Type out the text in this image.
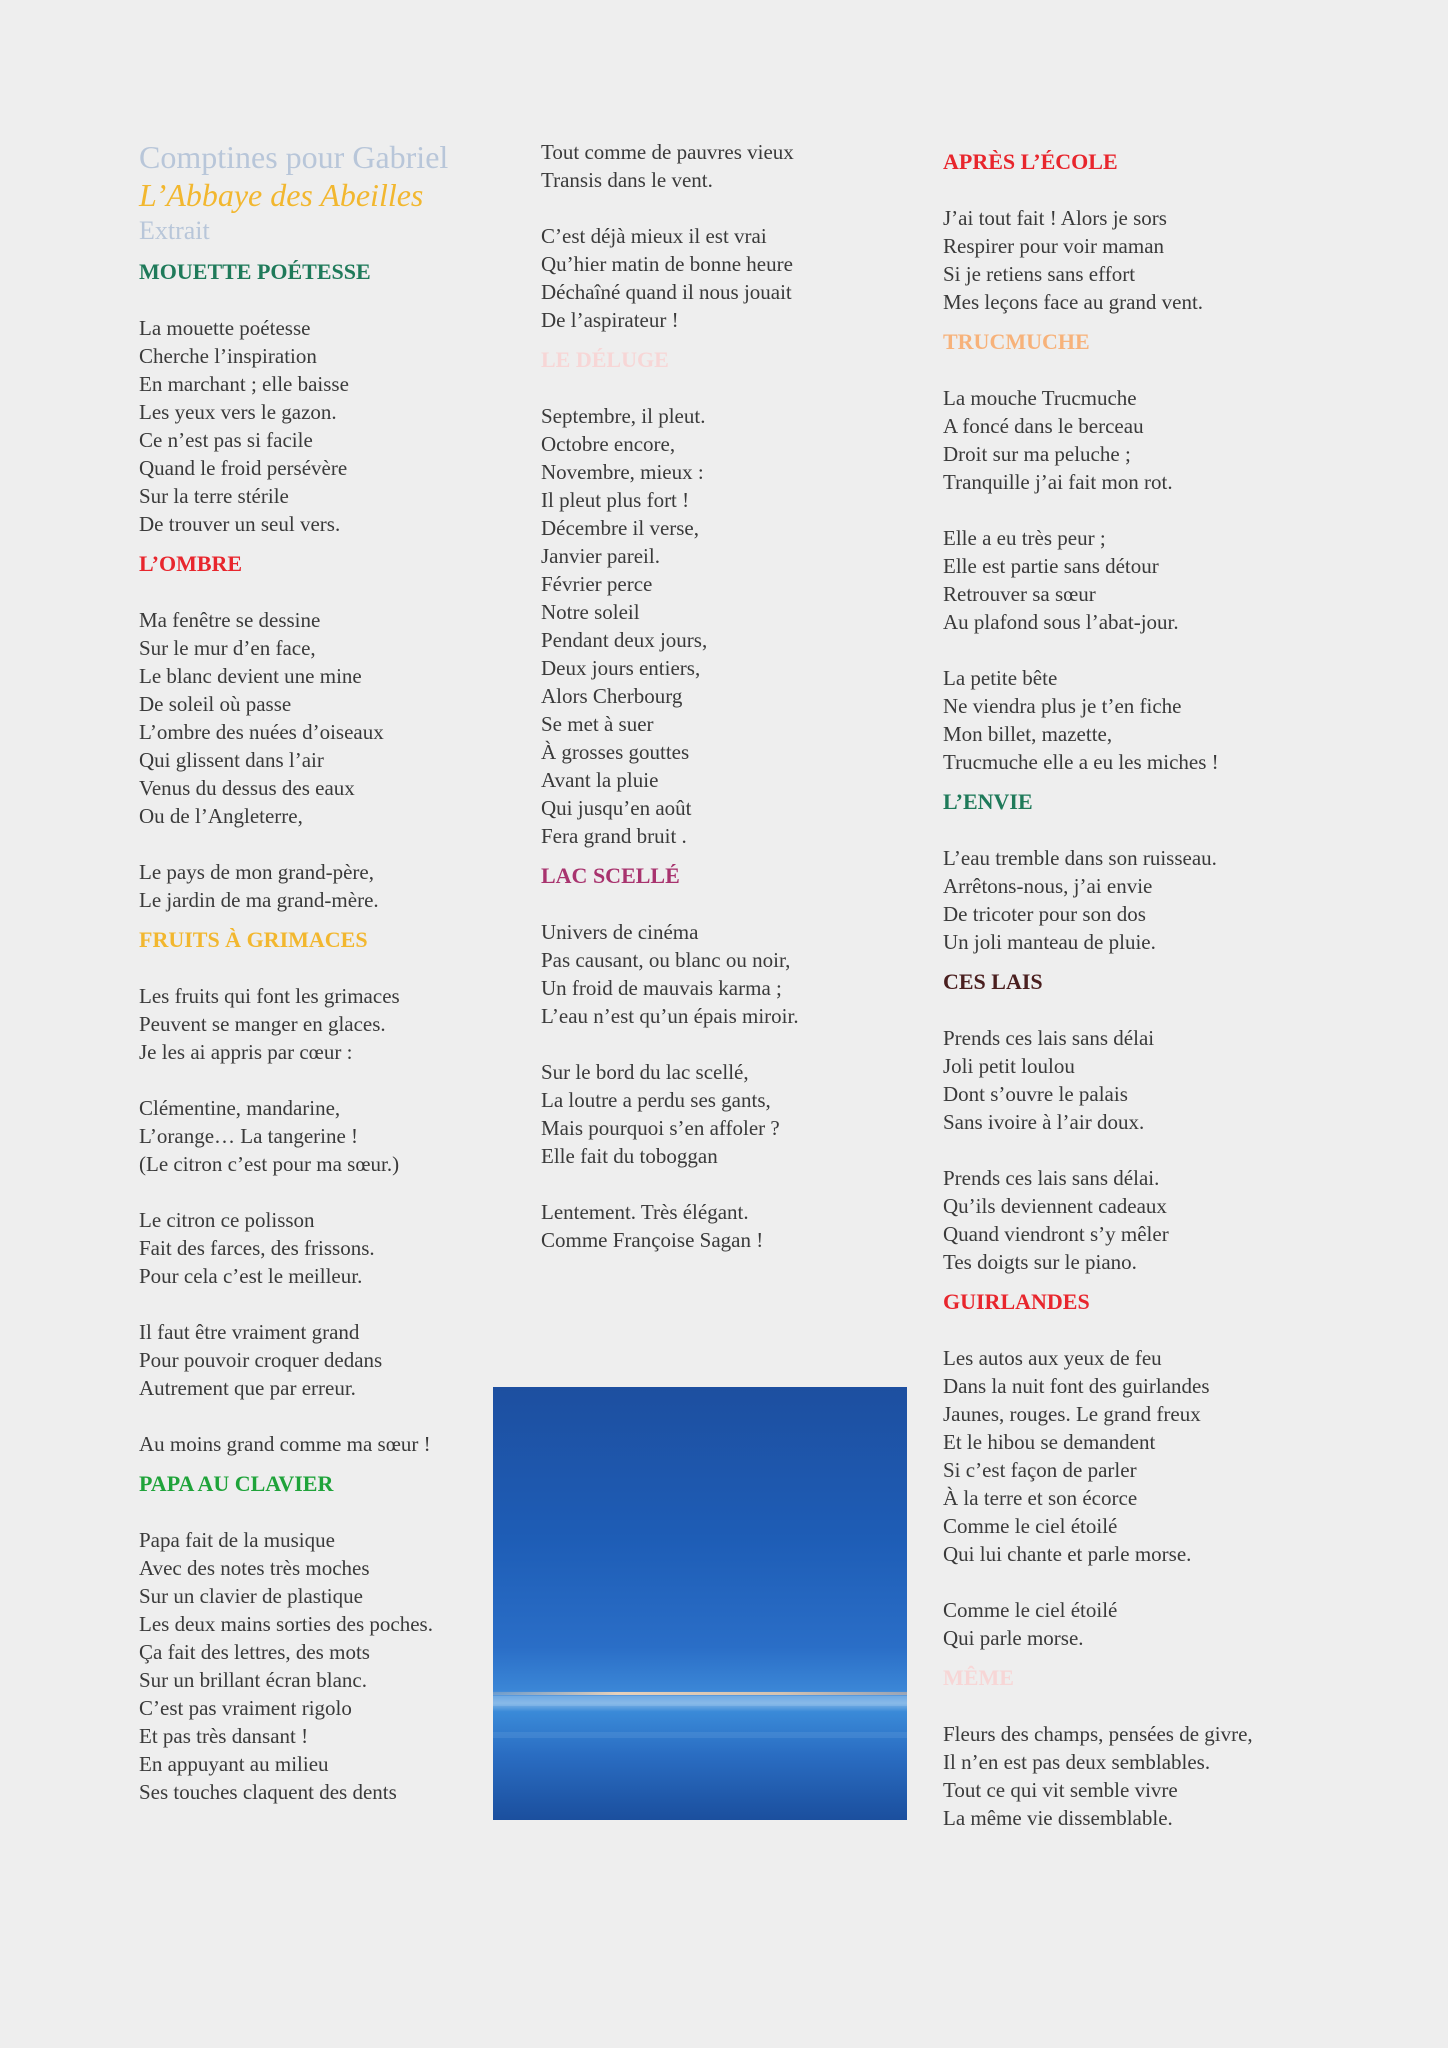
Comptines pour Gabriel
L’Abbaye des Abeilles
Extrait
MOUETTE POÉTESSE
La mouette poétesse
Cherche l’inspiration
En marchant ; elle baisse
Les yeux vers le gazon.
Ce n’est pas si facile
Quand le froid persévère
Sur la terre stérile
De trouver un seul vers.
L’OMBRE
Ma fenêtre se dessine
Sur le mur d’en face,
Le blanc devient une mine
De soleil où passe
L’ombre des nuées d’oiseaux
Qui glissent dans l’air
Venus du dessus des eaux
Ou de l’Angleterre,
Le pays de mon grand-père,
Le jardin de ma grand-mère.
FRUITS À GRIMACES
Les fruits qui font les grimaces
Peuvent se manger en glaces.
Je les ai appris par cœur :
Clémentine, mandarine,
L’orange… La tangerine !
(Le citron c’est pour ma sœur.)
Le citron ce polisson
Fait des farces, des frissons.
Pour cela c’est le meilleur.
Il faut être vraiment grand
Pour pouvoir croquer dedans
Autrement que par erreur.
Au moins grand comme ma sœur !
PAPA AU CLAVIER
Papa fait de la musique
Avec des notes très moches
Sur un clavier de plastique
Les deux mains sorties des poches.
Ça fait des lettres, des mots
Sur un brillant écran blanc.
C’est pas vraiment rigolo
Et pas très dansant !
En appuyant au milieu
Ses touches claquent des dents
Tout comme de pauvres vieux
Transis dans le vent.
C’est déjà mieux il est vrai
Qu’hier matin de bonne heure
Déchaîné quand il nous jouait
De l’aspirateur !
LE DÉLUGE
Septembre, il pleut.
Octobre encore,
Novembre, mieux :
Il pleut plus fort !
Décembre il verse,
Janvier pareil.
Février perce
Notre soleil
Pendant deux jours,
Deux jours entiers,
Alors Cherbourg
Se met à suer
À grosses gouttes
Avant la pluie
Qui jusqu’en août
Fera grand bruit .
LAC SCELLÉ
Univers de cinéma
Pas causant, ou blanc ou noir,
Un froid de mauvais karma ;
L’eau n’est qu’un épais miroir.
Sur le bord du lac scellé,
La loutre a perdu ses gants,
Mais pourquoi s’en affoler ?
Elle fait du toboggan
Lentement. Très élégant.
Comme Françoise Sagan !
APRÈS L’ÉCOLE
J’ai tout fait ! Alors je sors
Respirer pour voir maman
Si je retiens sans effort
Mes leçons face au grand vent.
TRUCMUCHE
La mouche Trucmuche
A foncé dans le berceau
Droit sur ma peluche ;
Tranquille j’ai fait mon rot.
Elle a eu très peur ;
Elle est partie sans détour
Retrouver sa sœur
Au plafond sous l’abat-jour.
La petite bête
Ne viendra plus je t’en fiche
Mon billet, mazette,
Trucmuche elle a eu les miches !
L’ENVIE
L’eau tremble dans son ruisseau.
Arrêtons-nous, j’ai envie
De tricoter pour son dos
Un joli manteau de pluie.
CES LAIS
Prends ces lais sans délai
Joli petit loulou
Dont s’ouvre le palais
Sans ivoire à l’air doux.
Prends ces lais sans délai.
Qu’ils deviennent cadeaux
Quand viendront s’y mêler
Tes doigts sur le piano.
GUIRLANDES
Les autos aux yeux de feu
Dans la nuit font des guirlandes
Jaunes, rouges. Le grand freux
Et le hibou se demandent
Si c’est façon de parler
À la terre et son écorce
Comme le ciel étoilé
Qui lui chante et parle morse.
Comme le ciel étoilé
Qui parle morse.
MÊME
Fleurs des champs, pensées de givre,
Il n’en est pas deux semblables.
Tout ce qui vit semble vivre
La même vie dissemblable.
